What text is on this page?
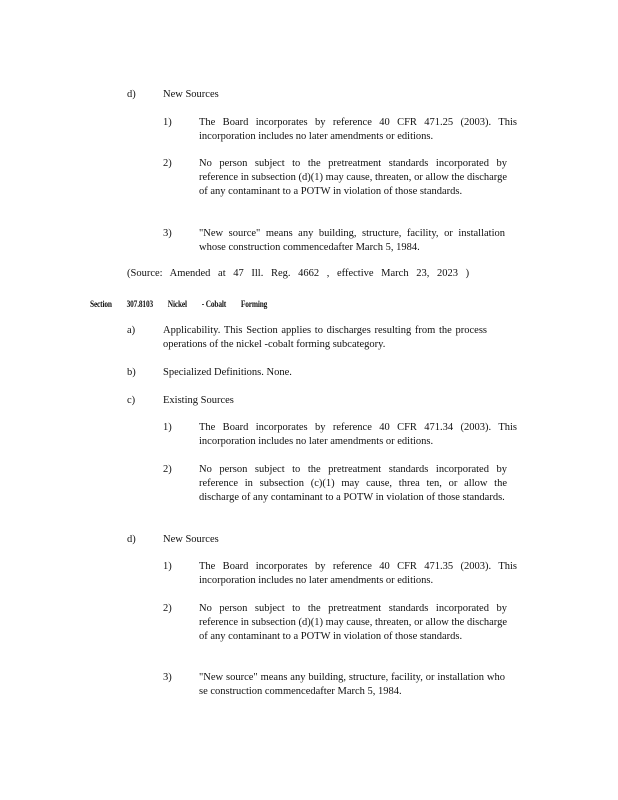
d)	New Sources
1)	The Board incorporates by reference 40 CFR 471.25 (2003). This incorporation includes no later amendments or editions.
2)	No person subject to the pretreatment standards incorporated by reference in subsection (d)(1) may cause, threaten, or allow the discharge of any contaminant to a POTW in violation of those standards.
3)	"New source" means any building, structure, facility, or installation whose construction commencedafter March 5, 1984.
(Source: Amended at 47 Ill. Reg. 4662 , effective March 23, 2023 )
Section 307.8103 Nickel - Cobalt Forming
a)	Applicability. This Section applies to discharges resulting from the process operations of the nickel -cobalt forming subcategory.
b)	Specialized Definitions. None.
c)	Existing Sources
1)	The Board incorporates by reference 40 CFR 471.34 (2003). This incorporation includes no later amendments or editions.
2)	No person subject to the pretreatment standards incorporated by reference in subsection (c)(1) may cause, threa ten, or allow the discharge of any contaminant to a POTW in violation of those standards.
d)	New Sources
1)	The Board incorporates by reference 40 CFR 471.35 (2003). This incorporation includes no later amendments or editions.
2)	No person subject to the pretreatment standards incorporated by reference in subsection (d)(1) may cause, threaten, or allow the discharge of any contaminant to a POTW in violation of those standards.
3)	"New source" means any building, structure, facility, or installation who se construction commencedafter March 5, 1984.
